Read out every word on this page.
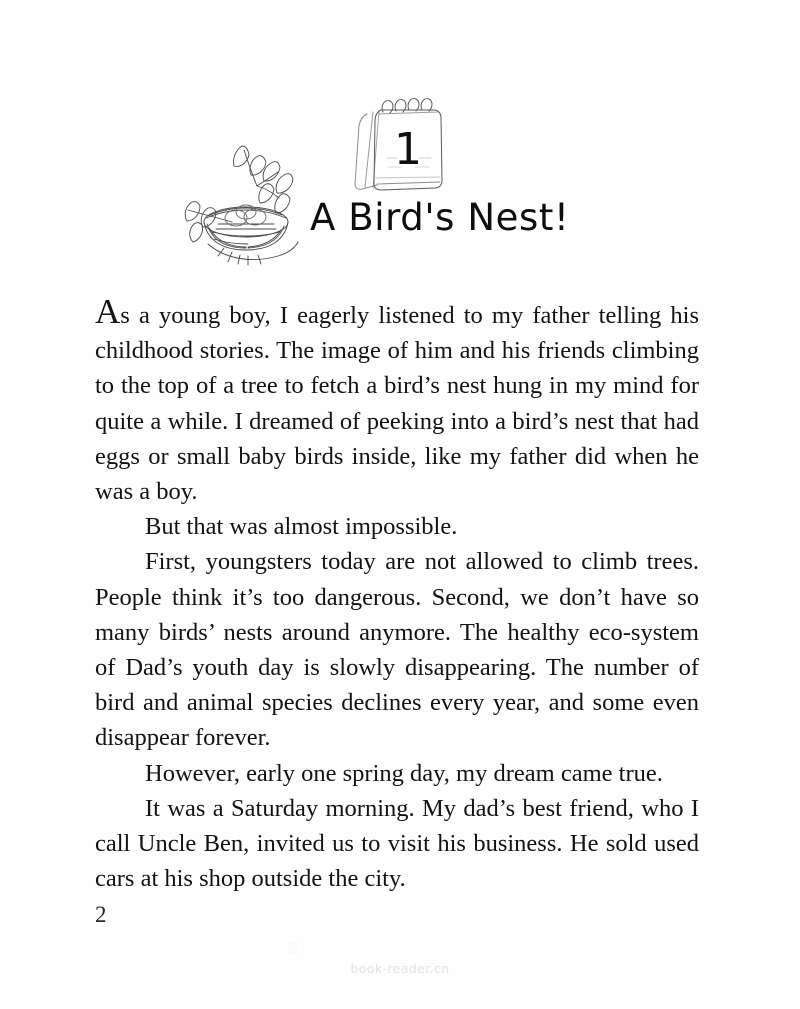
1
A Bird's Nest!

As a young boy, I eagerly listened to my father telling his childhood stories. The image of him and his friends climbing to the top of a tree to fetch a bird’s nest hung in my mind for quite a while. I dreamed of peeking into a bird’s nest that had eggs or small baby birds inside, like my father did when he was a boy.

But that was almost impossible.

First, youngsters today are not allowed to climb trees. People think it’s too dangerous. Second, we don’t have so many birds’ nests around anymore. The healthy eco-system of Dad’s youth day is slowly disappearing. The number of bird and animal species declines every year, and some even disappear forever.

However, early one spring day, my dream came true.

It was a Saturday morning. My dad’s best friend, who I call Uncle Ben, invited us to visit his business. He sold used cars at his shop outside the city.

2
book-reader.cn
